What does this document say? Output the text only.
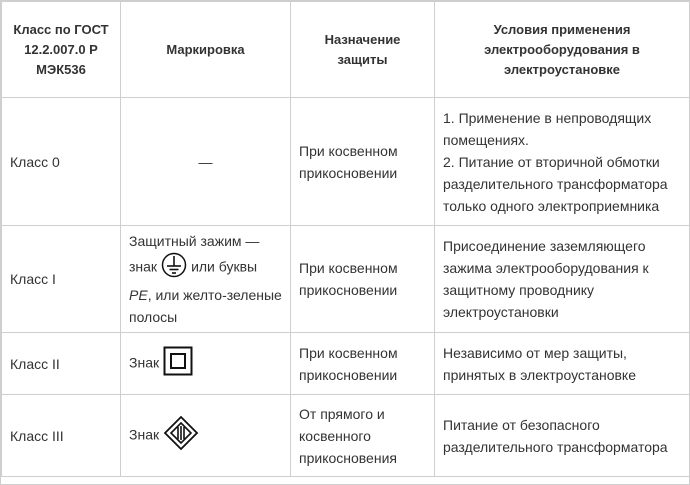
Класс по ГОСТ 12.2.007.0 Р МЭК536	Маркировка	Назначение защиты	Условия применения электрооборудования в электроустановке
Класс 0	—	При косвенном прикосновении	1. Применение в непроводящих помещениях.
2. Питание от вторичной обмотки разделительного трансформатора только одного электроприемника

Класс I	Защитный зажим —
знак или буквы
PE, или желто-зеленые полосы	При косвенном прикосновении	Присоединение заземляющего зажима электрооборудования к защитному проводнику электроустановки
Класс II	Знак	При косвенном прикосновении	Независимо от мер защиты, принятых в электроустановке
Класс III	Знак	От прямого и косвенного прикосновения	Питание от безопасного разделительного трансформатора
